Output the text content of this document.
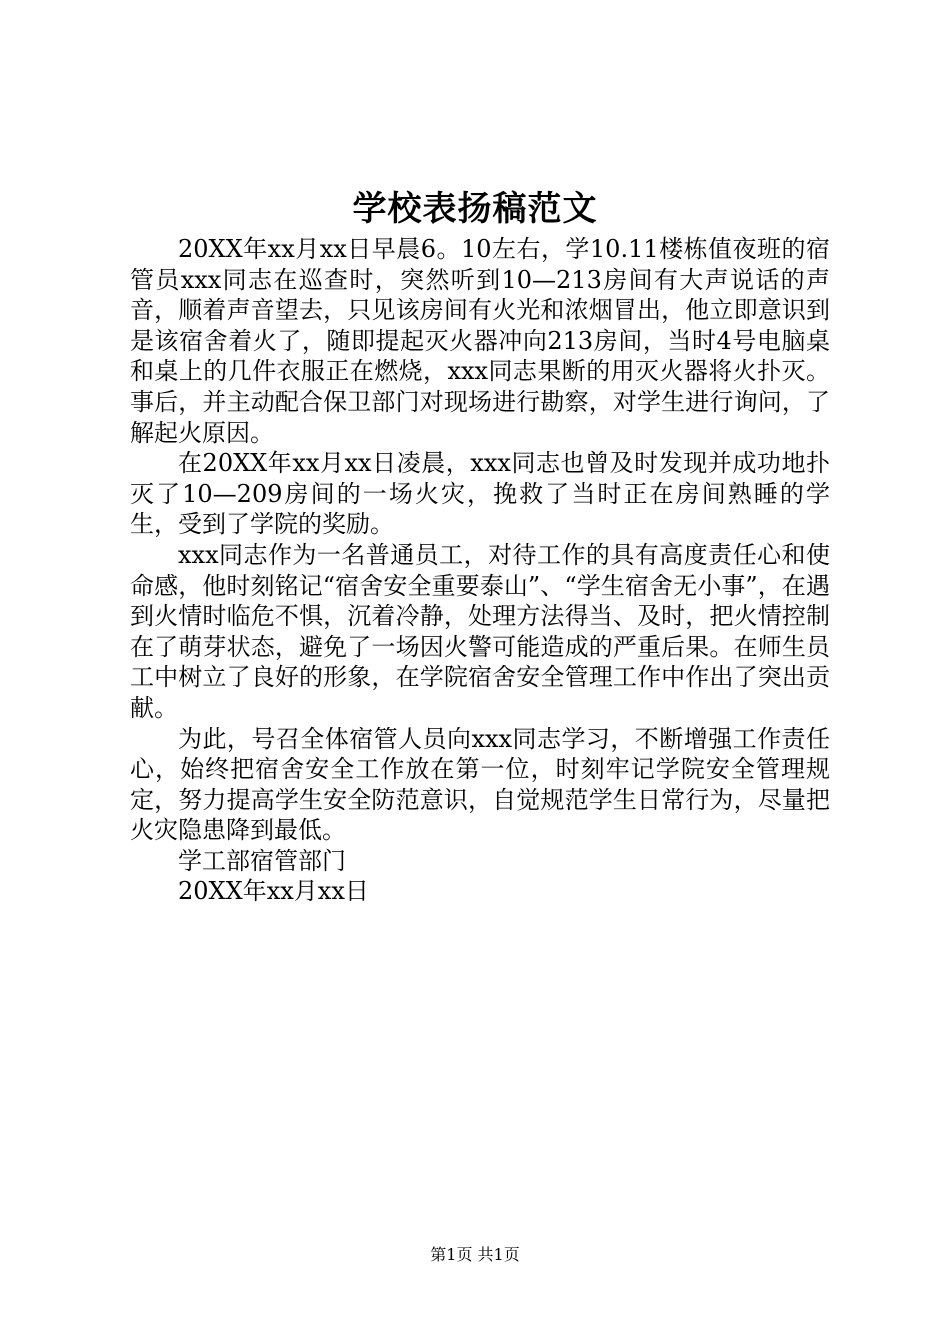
学校表扬稿范文

20XX年xx月xx日早晨6。10左右，学10.11楼栋值夜班的宿管员xxx同志在巡查时，突然听到10—213房间有大声说话的声音，顺着声音望去，只见该房间有火光和浓烟冒出，他立即意识到是该宿舍着火了，随即提起灭火器冲向213房间，当时4号电脑桌和桌上的几件衣服正在燃烧，xxx同志果断的用灭火器将火扑灭。事后，并主动配合保卫部门对现场进行勘察，对学生进行询问，了解起火原因。

在20XX年xx月xx日凌晨，xxx同志也曾及时发现并成功地扑灭了10—209房间的一场火灾，挽救了当时正在房间熟睡的学生，受到了学院的奖励。

xxx同志作为一名普通员工，对待工作的具有高度责任心和使命感，他时刻铭记“宿舍安全重要泰山”、“学生宿舍无小事”，在遇到火情时临危不惧，沉着冷静，处理方法得当、及时，把火情控制在了萌芽状态，避免了一场因火警可能造成的严重后果。在师生员工中树立了良好的形象，在学院宿舍安全管理工作中作出了突出贡献。

为此，号召全体宿管人员向xxx同志学习，不断增强工作责任心，始终把宿舍安全工作放在第一位，时刻牢记学院安全管理规定，努力提高学生安全防范意识，自觉规范学生日常行为，尽量把火灾隐患降到最低。

学工部宿管部门

20XX年xx月xx日

第1页 共1页
